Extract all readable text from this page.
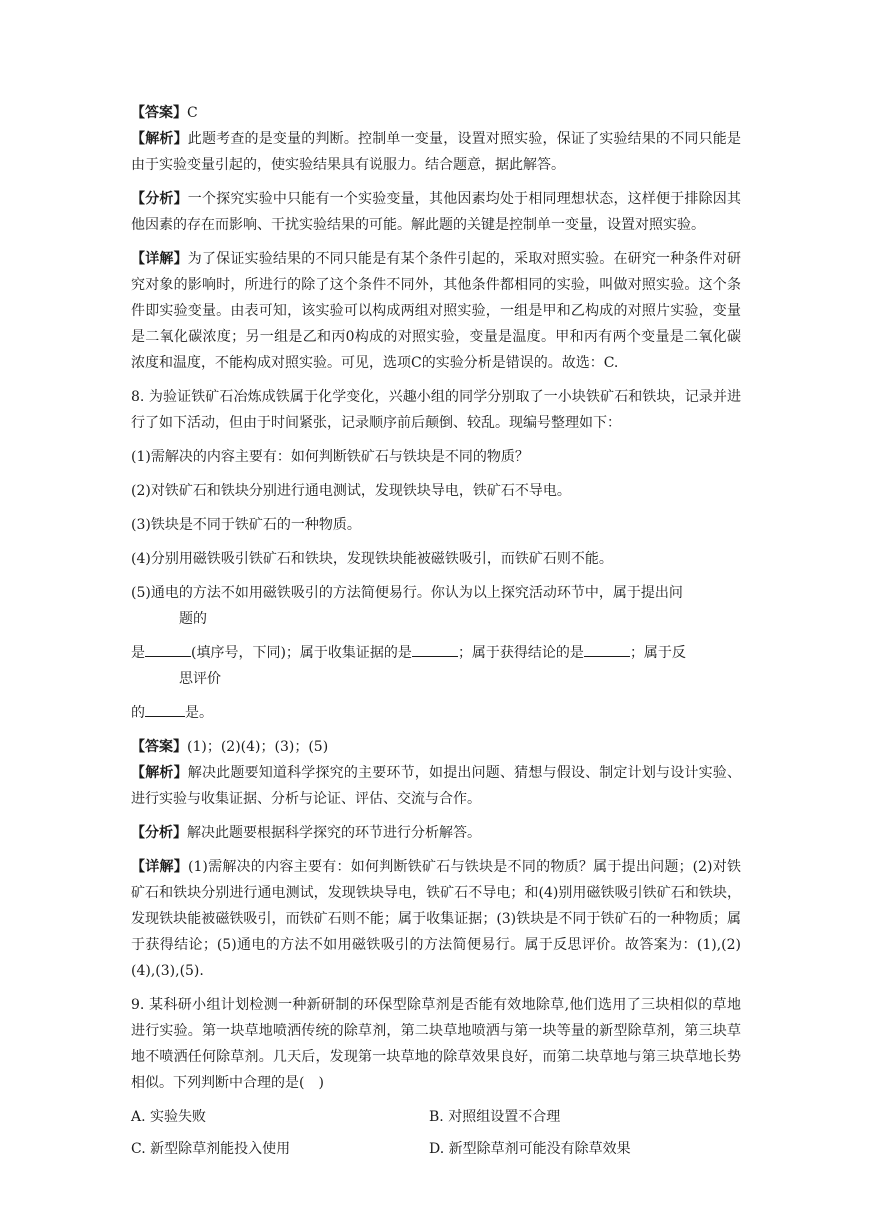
【答案】C

【解析】此题考查的是变量的判断。控制单一变量，设置对照实验，保证了实验结果的不同只能是由于实验变量引起的，使实验结果具有说服力。结合题意，据此解答。

【分析】一个探究实验中只能有一个实验变量，其他因素均处于相同理想状态，这样便于排除因其他因素的存在而影响、干扰实验结果的可能。解此题的关键是控制单一变量，设置对照实验。

【详解】为了保证实验结果的不同只能是有某个条件引起的，采取对照实验。在研究一种条件对研究对象的影响时，所进行的除了这个条件不同外，其他条件都相同的实验，叫做对照实验。这个条件即实验变量。由表可知，该实验可以构成两组对照实验，一组是甲和乙构成的对照片实验，变量是二氧化碳浓度；另一组是乙和丙0构成的对照实验，变量是温度。甲和丙有两个变量是二氧化碳浓度和温度，不能构成对照实验。可见，选项C的实验分析是错误的。故选：C.

8. 为验证铁矿石冶炼成铁属于化学变化，兴趣小组的同学分别取了一小块铁矿石和铁块，记录并进行了如下活动，但由于时间紧张，记录顺序前后颠倒、较乱。现编号整理如下：

(1)需解决的内容主要有：如何判断铁矿石与铁块是不同的物质？

(2)对铁矿石和铁块分别进行通电测试，发现铁块导电，铁矿石不导电。

(3)铁块是不同于铁矿石的一种物质。

(4)分别用磁铁吸引铁矿石和铁块，发现铁块能被磁铁吸引，而铁矿石则不能。

(5)通电的方法不如用磁铁吸引的方法简便易行。你认为以上探究活动环节中，属于提出问
题的

是	(填序号，下同)；属于收集证据的是	；属于获得结论的是	；属于反
思评价

的	是。

【答案】(1)；(2)(4)；(3)；(5)

【解析】解决此题要知道科学探究的主要环节，如提出问题、猜想与假设、制定计划与设计实验、进行实验与收集证据、分析与论证、评估、交流与合作。

【分析】解决此题要根据科学探究的环节进行分析解答。

【详解】(1)需解决的内容主要有：如何判断铁矿石与铁块是不同的物质？属于提出问题；(2)对铁矿石和铁块分别进行通电测试，发现铁块导电，铁矿石不导电；和(4)别用磁铁吸引铁矿石和铁块，发现铁块能被磁铁吸引，而铁矿石则不能；属于收集证据；(3)铁块是不同于铁矿石的一种物质；属于获得结论；(5)通电的方法不如用磁铁吸引的方法简便易行。属于反思评价。故答案为：(1),(2)(4),(3),(5).

9. 某科研小组计划检测一种新研制的环保型除草剂是否能有效地除草,他们选用了三块相似的草地进行实验。第一块草地喷洒传统的除草剂，第二块草地喷洒与第一块等量的新型除草剂，第三块草地不喷洒任何除草剂。几天后，发现第一块草地的除草效果良好，而第二块草地与第三块草地长势相似。下列判断中合理的是(　)

A. 实验失败	B. 对照组设置不合理
C. 新型除草剂能投入使用	D. 新型除草剂可能没有除草效果
